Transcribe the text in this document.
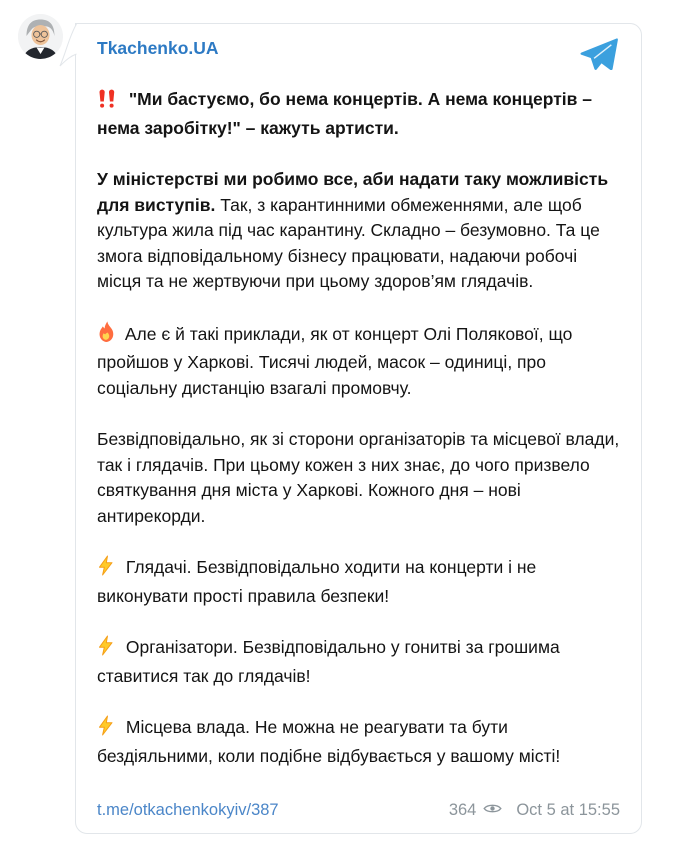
Tkachenko.UA
"Ми бастуємо, бо нема концертів. А нема концертів – нема заробітку!" – кажуть артисти.
У міністерстві ми робимо все, аби надати таку можливість для виступів. Так, з карантинними обмеженнями, але щоб культура жила під час карантину. Складно – безумовно. Та це змога відповідальному бізнесу працювати, надаючи робочі місця та не жертвуючи при цьому здоров’ям глядачів.
Але є й такі приклади, як от концерт Олі Полякової, що пройшов у Харкові. Тисячі людей, масок – одиниці, про соціальну дистанцію взагалі промовчу.
Безвідповідально, як зі сторони організаторів та місцевої влади, так і глядачів. При цьому кожен з них знає, до чого призвело святкування дня міста у Харкові. Кожного дня – нові антирекорди.
Глядачі. Безвідповідально ходити на концерти і не виконувати прості правила безпеки!
Організатори. Безвідповідально у гонитві за грошима ставитися так до глядачів!
Місцева влада. Не можна не реагувати та бути бездіяльними, коли подібне відбувається у вашому місті!
t.me/otkachenkokyiv/387	364 Oct 5 at 15:55
